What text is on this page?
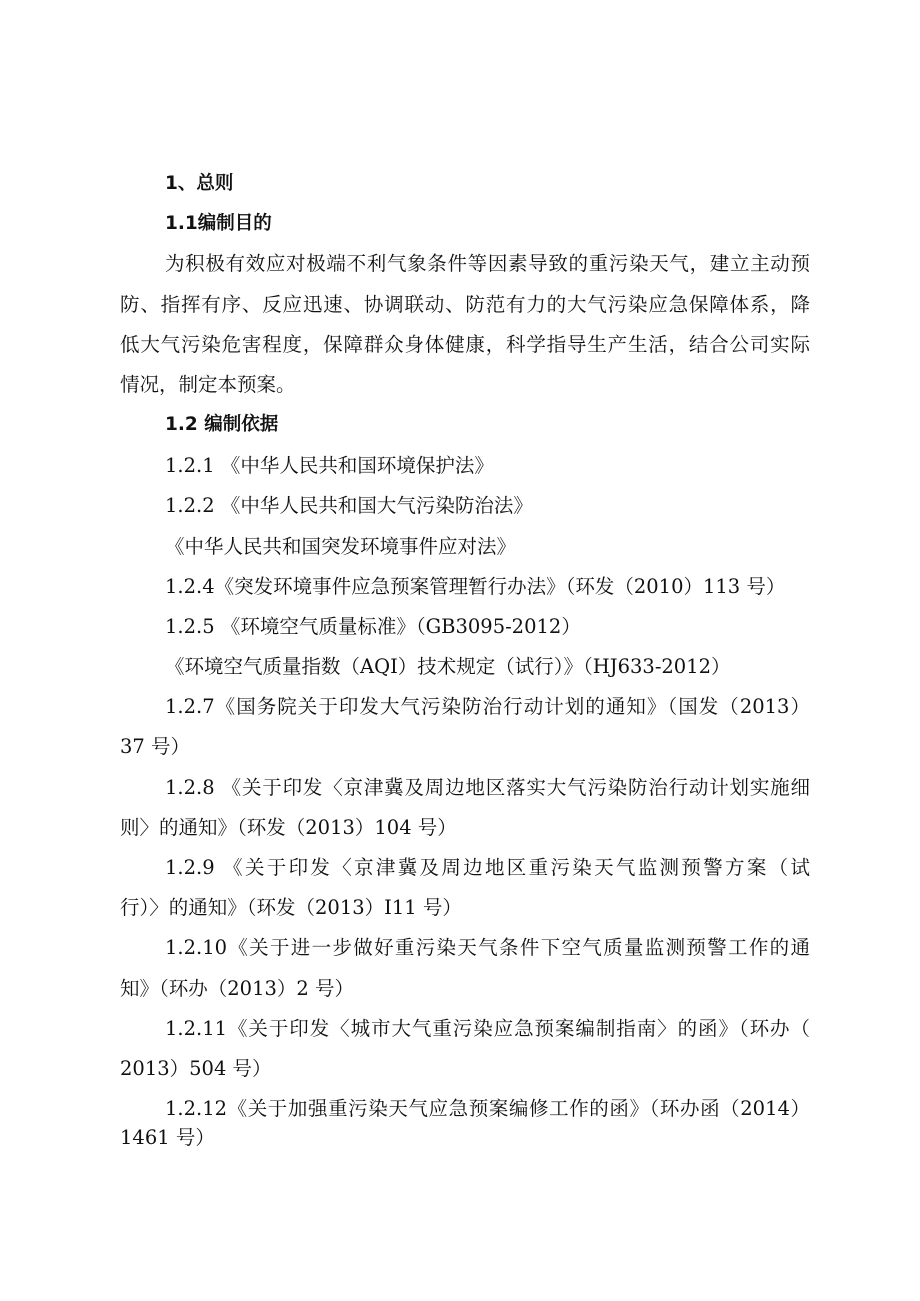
1、总则

1.1编制目的

为积极有效应对极端不利气象条件等因素导致的重污染天气，建立主动预

防、指挥有序、反应迅速、协调联动、防范有力的大气污染应急保障体系，降

低大气污染危害程度，保障群众身体健康，科学指导生产生活，结合公司实际

情况，制定本预案。

1.2 编制依据

1.2.1 《中华人民共和国环境保护法》

1.2.2 《中华人民共和国大气污染防治法》

《中华人民共和国突发环境事件应对法》

1.2.4《突发环境事件应急预案管理暂行办法》（环发（2010）113 号）

1.2.5 《环境空气质量标准》（GB3095-2012）

《环境空气质量指数（AQI）技术规定（试行）》（HJ633-2012）

1.2.7《国务院关于印发大气污染防治行动计划的通知》（国发（2013）

37 号）

1.2.8 《关于印发〈京津冀及周边地区落实大气污染防治行动计划实施细

则〉的通知》（环发（2013）104 号）

1.2.9 《关于印发〈京津冀及周边地区重污染天气监测预警方案（试

行）〉的通知》（环发（2013）I11 号）

1.2.10《关于进一步做好重污染天气条件下空气质量监测预警工作的通

知》（环办（2013）2 号）

1.2.11《关于印发〈城市大气重污染应急预案编制指南〉的函》（环办（

2013）504 号）

1.2.12《关于加强重污染天气应急预案编修工作的函》（环办函（2014）

1461 号）
